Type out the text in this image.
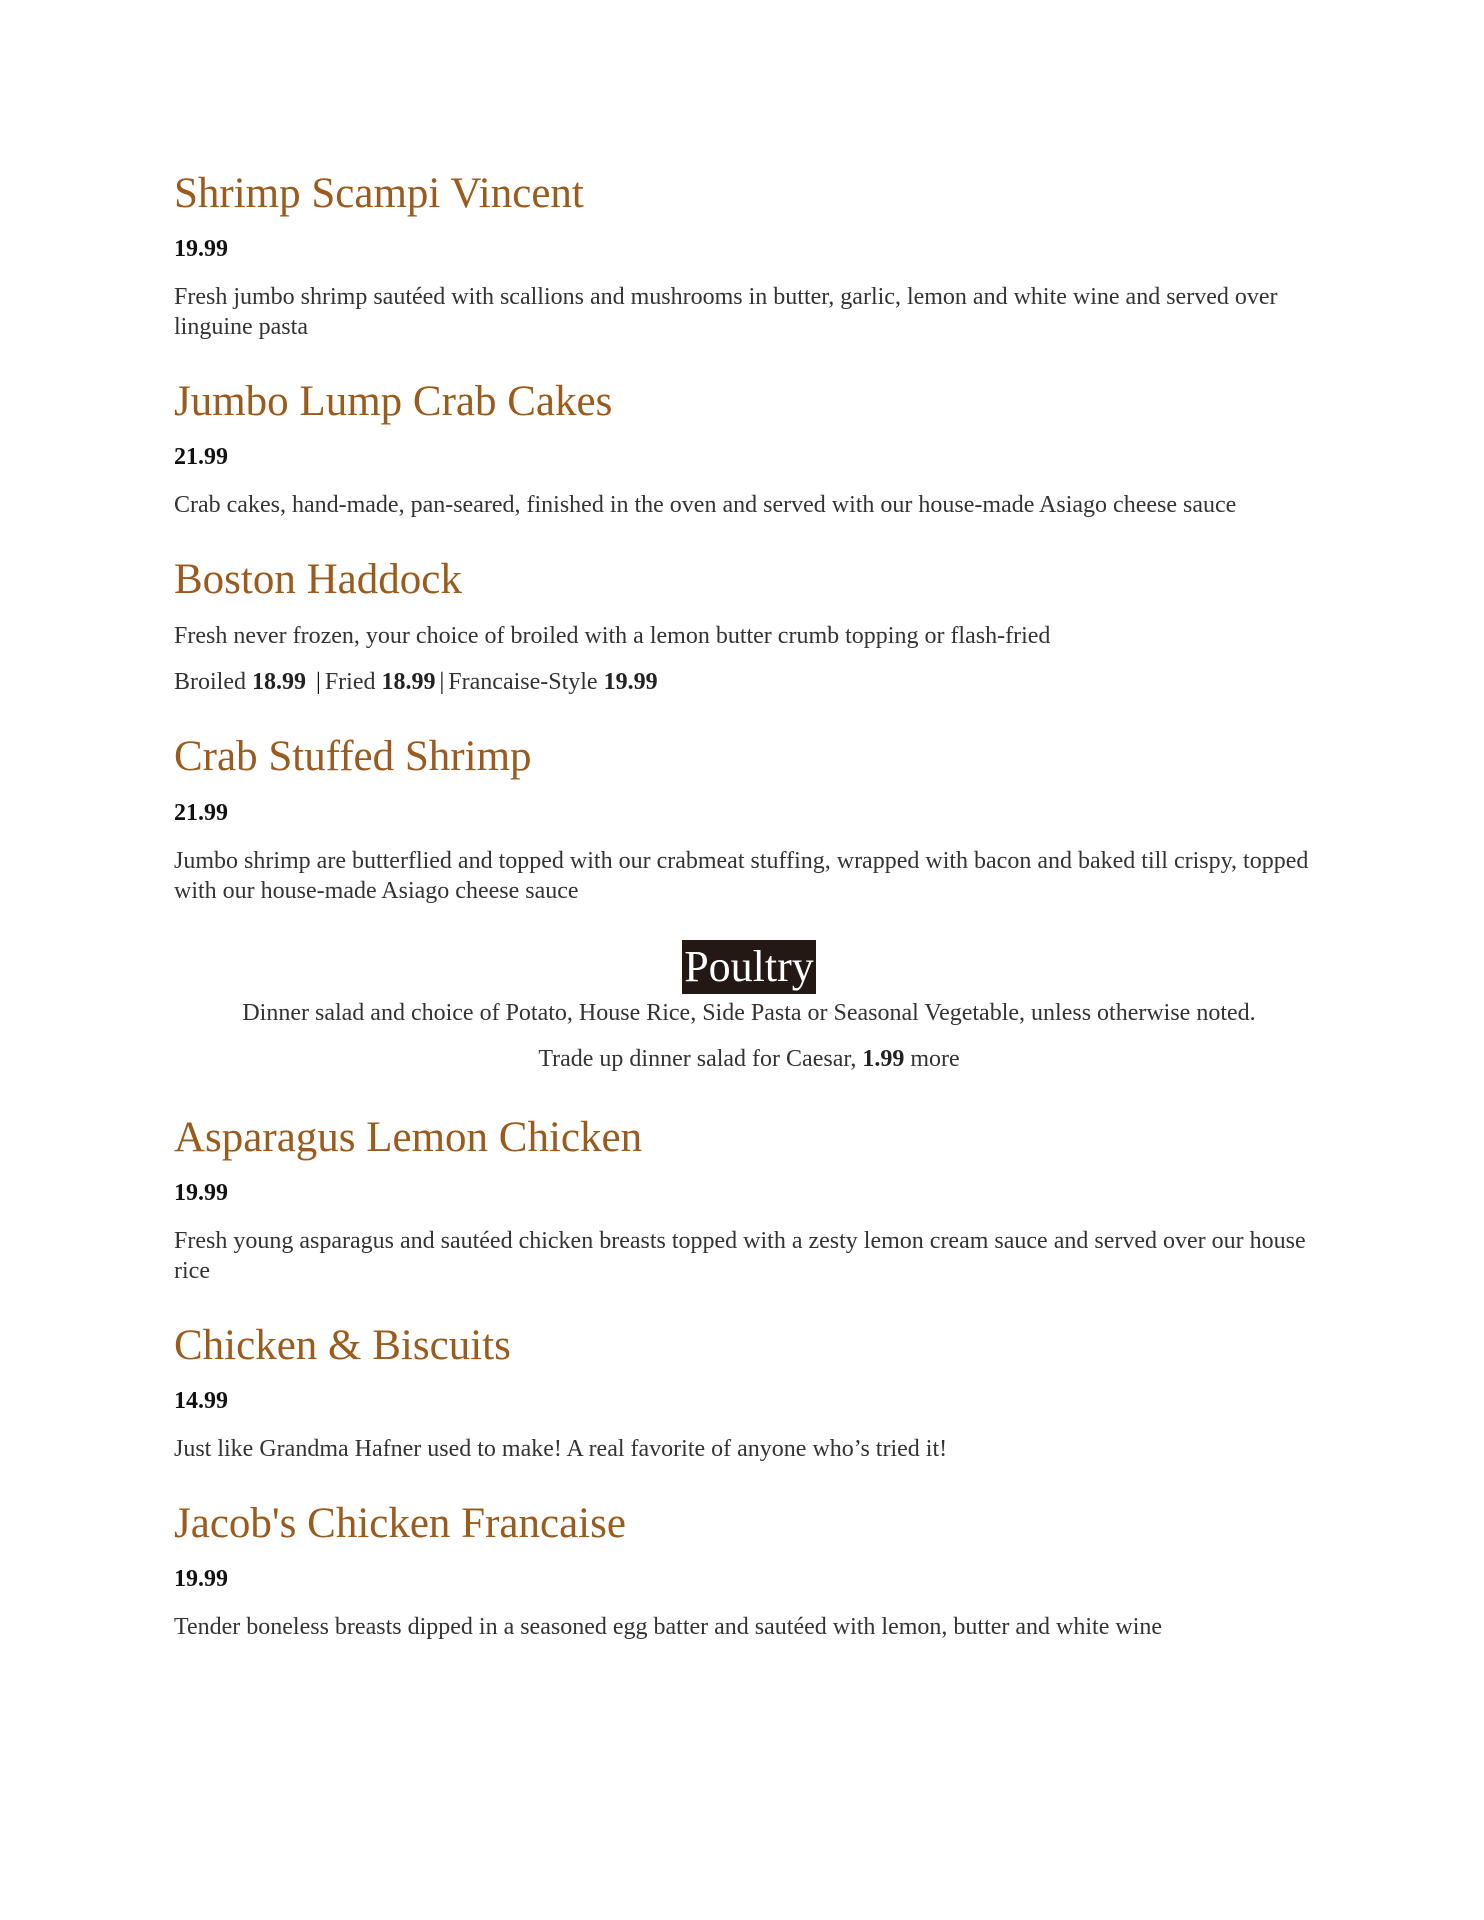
Shrimp Scampi Vincent
19.99

Fresh jumbo shrimp sautéed with scallions and mushrooms in butter, garlic, lemon and white wine and served over linguine pasta

Jumbo Lump Crab Cakes
21.99

Crab cakes, hand-made, pan-seared, finished in the oven and served with our house-made Asiago cheese sauce

Boston Haddock

Fresh never frozen, your choice of broiled with a lemon butter crumb topping or flash-fried

Broiled 18.99 | Fried 18.99 | Francaise-Style 19.99

Crab Stuffed Shrimp
21.99

Jumbo shrimp are butterflied and topped with our crabmeat stuffing, wrapped with bacon and baked till crispy, topped with our house-made Asiago cheese sauce

Poultry

Dinner salad and choice of Potato, House Rice, Side Pasta or Seasonal Vegetable, unless otherwise noted.

Trade up dinner salad for Caesar, 1.99 more

Asparagus Lemon Chicken
19.99

Fresh young asparagus and sautéed chicken breasts topped with a zesty lemon cream sauce and served over our house rice

Chicken & Biscuits
14.99

Just like Grandma Hafner used to make! A real favorite of anyone who’s tried it!

Jacob's Chicken Francaise
19.99

Tender boneless breasts dipped in a seasoned egg batter and sautéed with lemon, butter and white wine
